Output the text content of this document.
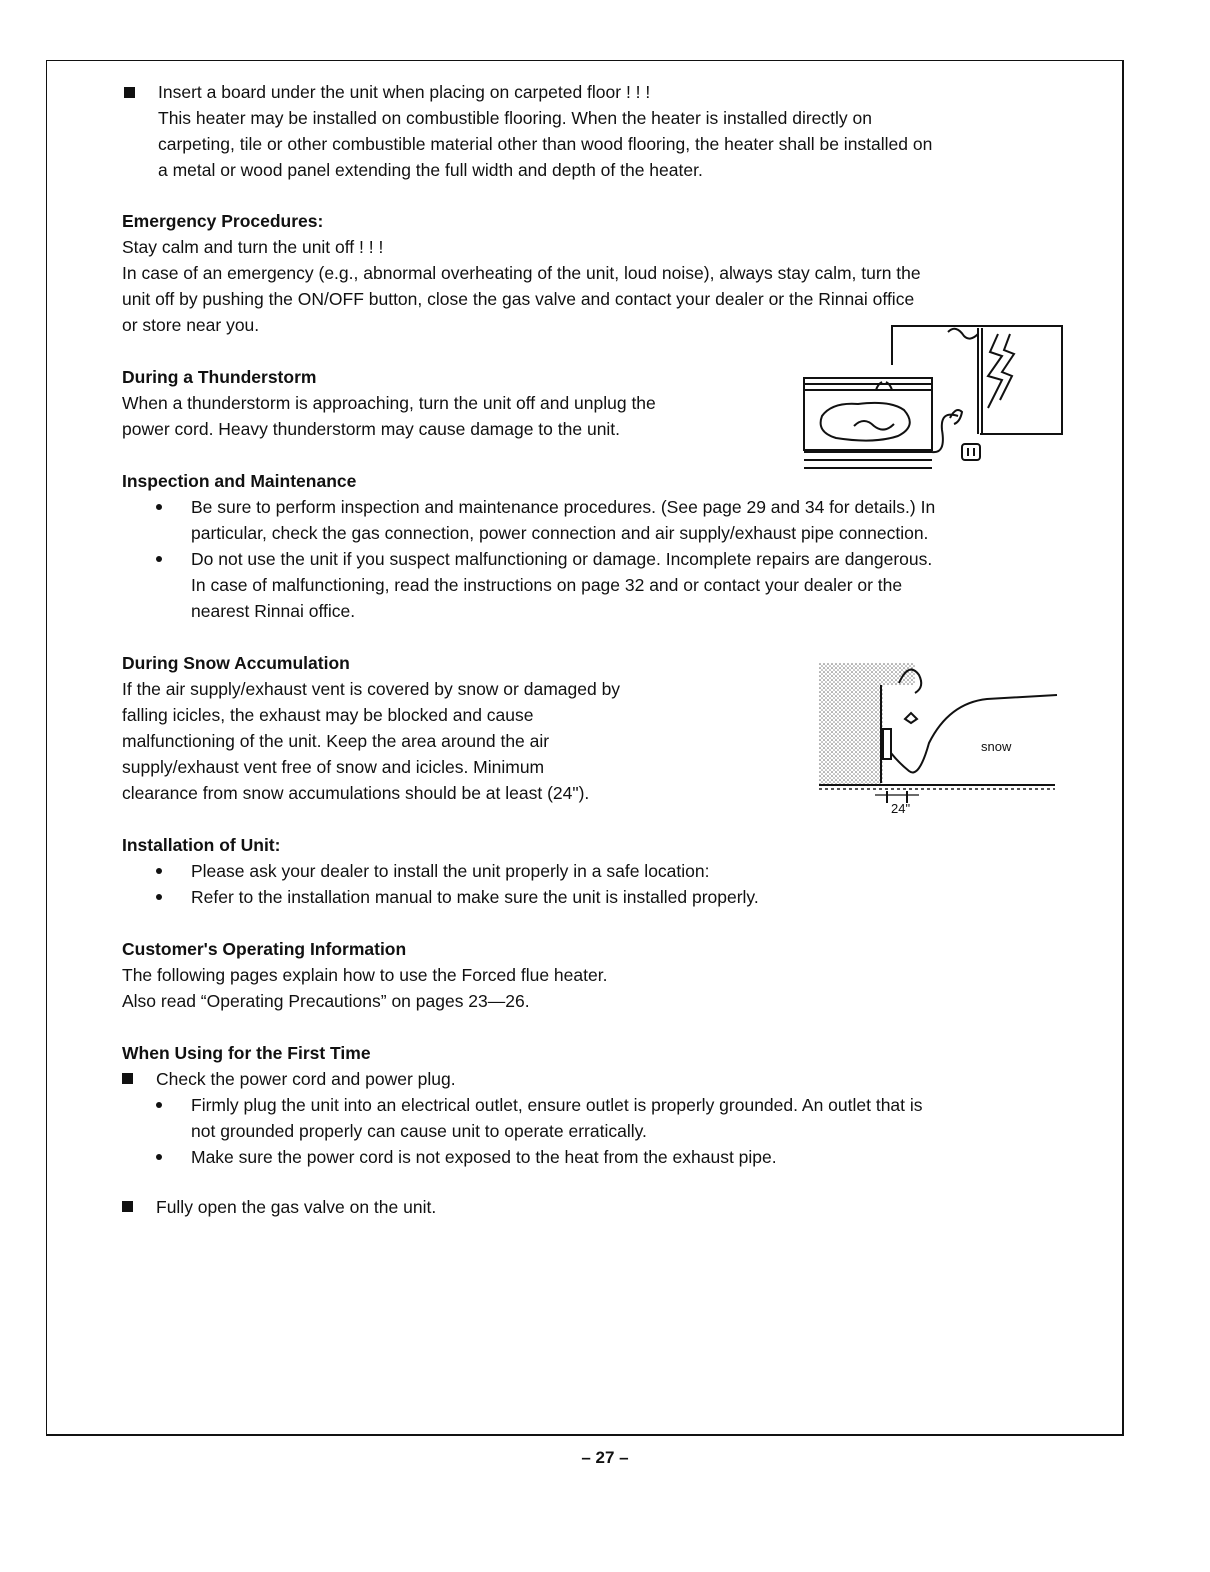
Insert a board under the unit when placing on carpeted floor ! ! !
This heater may be installed on combustible flooring. When the heater is installed directly on
carpeting, tile or other combustible material other than wood flooring, the heater shall be installed on
a metal or wood panel extending the full width and depth of the heater.
Emergency Procedures:
Stay calm and turn the unit off ! ! !
In case of an emergency (e.g., abnormal overheating of the unit, loud noise), always stay calm, turn the
unit off by pushing the ON/OFF button, close the gas valve and contact your dealer or the Rinnai office
or store near you.
During a Thunderstorm
When a thunderstorm is approaching, turn the unit off and unplug the
power cord. Heavy thunderstorm may cause damage to the unit.
Inspection and Maintenance
Be sure to perform inspection and maintenance procedures. (See page 29 and 34 for details.) In
particular, check the gas connection, power connection and air supply/exhaust pipe connection.
Do not use the unit if you suspect malfunctioning or damage. Incomplete repairs are dangerous.
In case of malfunctioning, read the instructions on page 32 and or contact your dealer or the
nearest Rinnai office.
During Snow Accumulation
If the air supply/exhaust vent is covered by snow or damaged by
falling icicles, the exhaust may be blocked and cause
malfunctioning of the unit. Keep the area around the air
supply/exhaust vent free of snow and icicles. Minimum
clearance from snow accumulations should be at least (24").
snow
24"
Installation of Unit:
Please ask your dealer to install the unit properly in a safe location:
Refer to the installation manual to make sure the unit is installed properly.
Customer's Operating Information
The following pages explain how to use the Forced flue heater.
Also read “Operating Precautions” on pages 23—26.
When Using for the First Time
Check the power cord and power plug.
Firmly plug the unit into an electrical outlet, ensure outlet is properly grounded. An outlet that is
not grounded properly can cause unit to operate erratically.
Make sure the power cord is not exposed to the heat from the exhaust pipe.
Fully open the gas valve on the unit.
– 27 –
